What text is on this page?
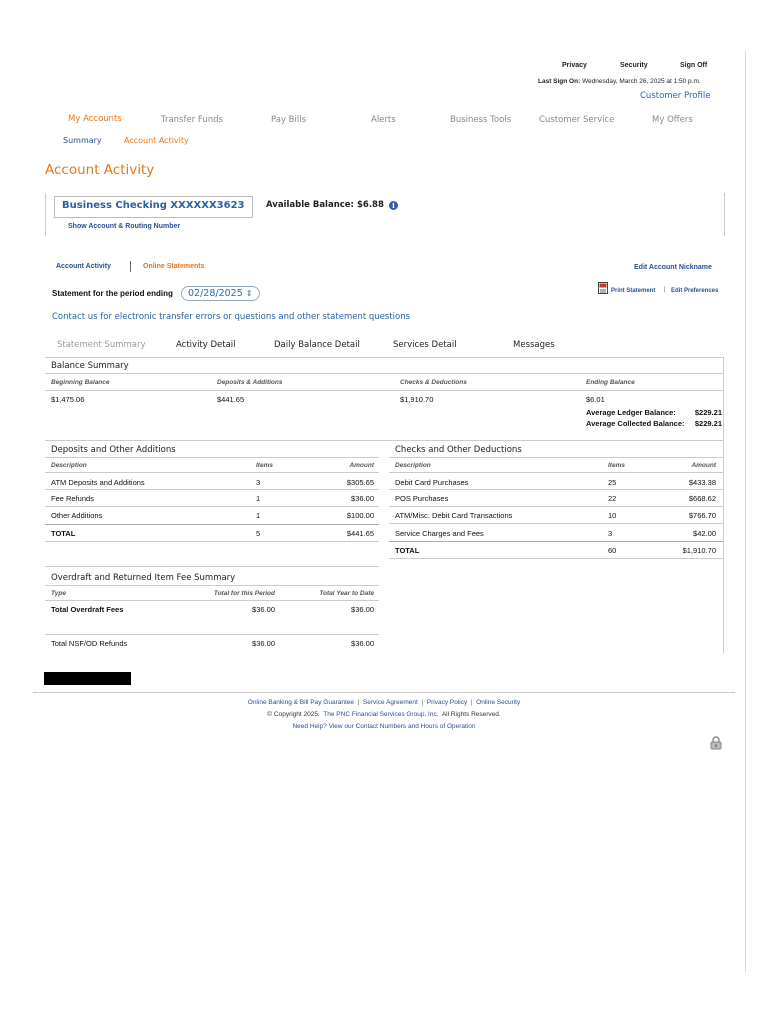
Privacy	Security	Sign Off
Last Sign On: Wednesday, March 26, 2025 at 1:50 p.m.
Customer Profile
My Accounts	Transfer Funds	Pay Bills	Alerts	Business Tools	Customer Service	My Offers
Summary	Account Activity
Account Activity
Business Checking XXXXXX3623	Available Balance: $6.88	i
Show Account & Routing Number
Account Activity	Online Statements	Edit Account Nickname
Statement for the period ending	02/28/2025 ⇕	Print Statement | Edit Preferences
Contact us for electronic transfer errors or questions and other statement questions
Statement Summary	Activity Detail	Daily Balance Detail	Services Detail	Messages
Balance Summary
Beginning Balance	Deposits & Additions	Checks & Deductions	Ending Balance
$1,475.06	$441.65	$1,910.70	$6.01
Average Ledger Balance:	$229.21
Average Collected Balance:	$229.21
Deposits and Other Additions
Description	Items	Amount
ATM Deposits and Additions	3	$305.65
Fee Refunds	1	$36.00
Other Additions	1	$100.00
TOTAL	5	$441.65
Checks and Other Deductions
Description	Items	Amount
Debit Card Purchases	25	$433.38
POS Purchases	22	$668.62
ATM/Misc. Debit Card Transactions	10	$766.70
Service Charges and Fees	3	$42.00
TOTAL	60	$1,910.70
Overdraft and Returned Item Fee Summary
Type	Total for this Period	Total Year to Date
Total Overdraft Fees	$36.00	$36.00
Total NSF/OD Refunds	$36.00	$36.00
Online Banking & Bill Pay Guarantee  |  Service Agreement  |  Privacy Policy  |  Online Security
© Copyright 2025. The PNC Financial Services Group, Inc. All Rights Reserved.
Need Help? View our Contact Numbers and Hours of Operation
